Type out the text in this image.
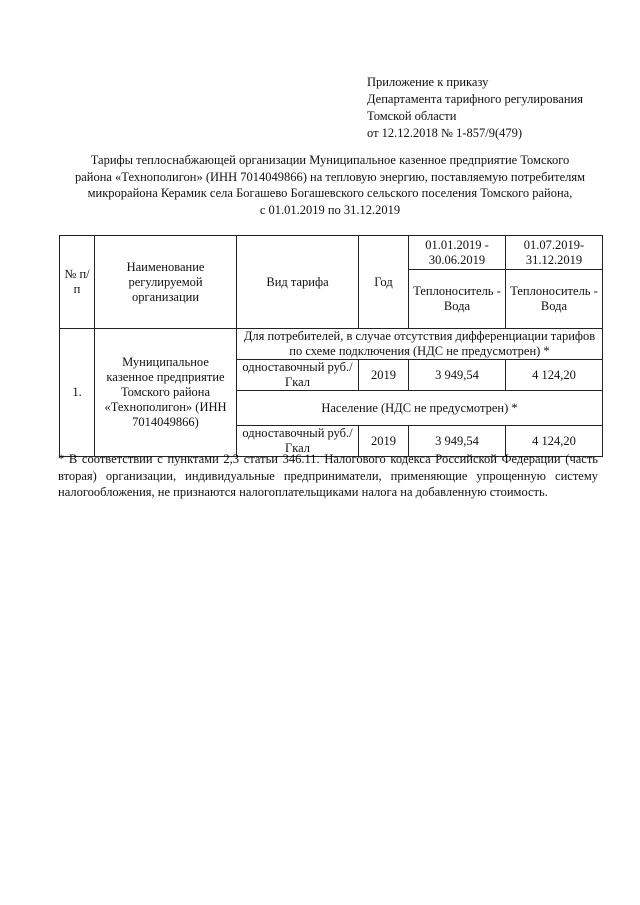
Приложение к приказу
Департамента тарифного регулирования
Томской области
от 12.12.2018 № 1-857/9(479)
Тарифы теплоснабжающей организации Муниципальное казенное предприятие Томского
района «Технополигон» (ИНН 7014049866) на тепловую энергию, поставляемую потребителям
микрорайона Керамик села Богашево Богашевского сельского поселения Томского района,
с 01.01.2019 по 31.12.2019
№ п/п	Наименование регулируемой организации	Вид тарифа	Год	01.01.2019 - 30.06.2019	01.07.2019-31.12.2019
				Теплоноситель - Вода	Теплоноситель - Вода
1.	Муниципальное казенное предприятие Томского района «Технополигон» (ИНН 7014049866)	Для потребителей, в случае отсутствия дифференциации тарифов по схеме подключения (НДС не предусмотрен) *			
		одноставочный руб./Гкал	2019	3 949,54	4 124,20
		Население (НДС не предусмотрен) *			
		одноставочный руб./Гкал	2019	3 949,54	4 124,20
* В соответствии с пунктами 2,3 статьи 346.11. Налогового кодекса Российской Федерации (часть вторая) организации, индивидуальные предприниматели, применяющие упрощенную систему налогообложения, не признаются налогоплательщиками налога на добавленную стоимость.
